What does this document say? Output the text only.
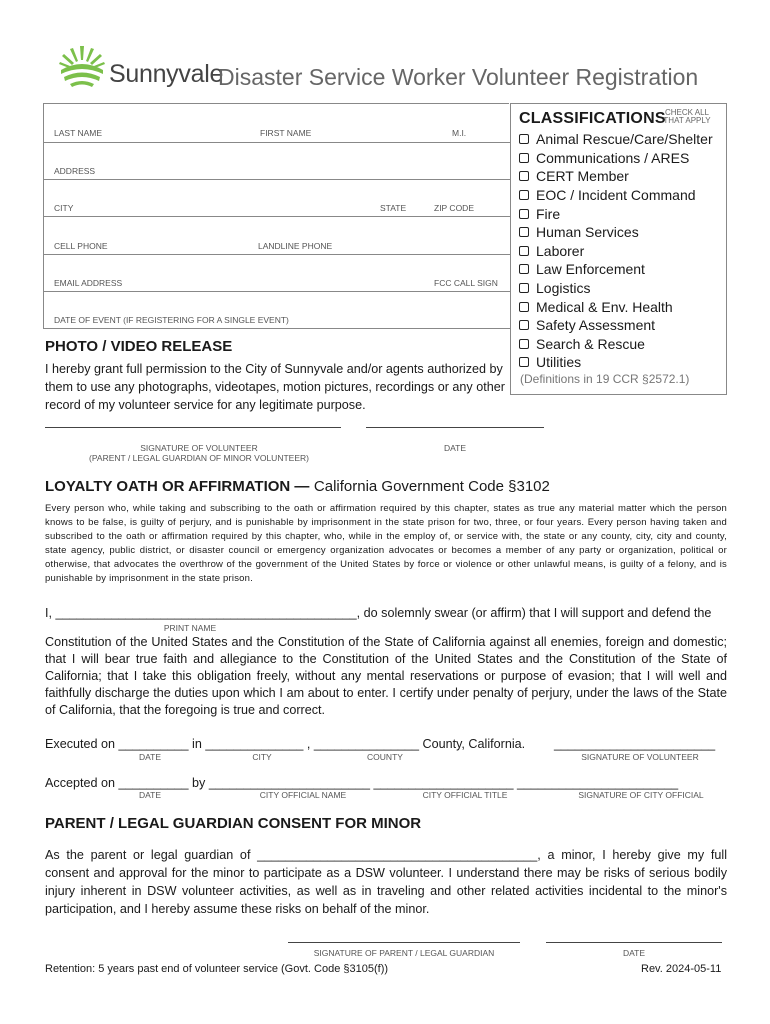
Sunnyvale
Disaster Service Worker Volunteer Registration
LAST NAME	FIRST NAME	M.I.
ADDRESS
CITY	STATE	ZIP CODE
CELL PHONE	LANDLINE PHONE
EMAIL ADDRESS	FCC CALL SIGN
DATE OF EVENT (IF REGISTERING FOR A SINGLE EVENT)
CLASSIFICATIONS CHECK ALL
THAT APPLY
Animal Rescue/Care/Shelter
Communications / ARES
CERT Member
EOC / Incident Command
Fire
Human Services
Laborer
Law Enforcement
Logistics
Medical & Env. Health
Safety Assessment
Search & Rescue
Utilities
(Definitions in 19 CCR §2572.1)
PHOTO / VIDEO RELEASE
I hereby grant full permission to the City of Sunnyvale and/or agents authorized by them to use any photographs, videotapes, motion pictures, recordings or any other record of my volunteer service for any legitimate purpose.
SIGNATURE OF VOLUNTEER
(PARENT / LEGAL GUARDIAN OF MINOR VOLUNTEER)
DATE
LOYALTY OATH OR AFFIRMATION — California Government Code §3102
Every person who, while taking and subscribing to the oath or affirmation required by this chapter, states as true any material matter which the person knows to be false, is guilty of perjury, and is punishable by imprisonment in the state prison for two, three, or four years. Every person having taken and subscribed to the oath or affirmation required by this chapter, who, while in the employ of, or service with, the state or any county, city, city and county, state agency, public district, or disaster council or emergency organization advocates or becomes a member of any party or organization, political or otherwise, that advocates the overthrow of the government of the United States by force or violence or other unlawful means, is guilty of a felony, and is punishable by imprisonment in the state prison.
I, ___________________________________________, do solemnly swear (or affirm) that I will support and defend the
PRINT NAME
Constitution of the United States and the Constitution of the State of California against all enemies, foreign and domestic; that I will bear true faith and allegiance to the Constitution of the United States and the Constitution of the State of California; that I take this obligation freely, without any mental reservations or purpose of evasion; that I will well and faithfully discharge the duties upon which I am about to enter. I certify under penalty of perjury, under the laws of the State of California, that the foregoing is true and correct.
Executed on __________ in ______________ , _______________ County, California. _______________________
DATE	CITY	COUNTY	SIGNATURE OF VOLUNTEER
Accepted on __________ by _______________________ ____________________ _______________________
DATE	CITY OFFICIAL NAME	CITY OFFICIAL TITLE	SIGNATURE OF CITY OFFICIAL
PARENT / LEGAL GUARDIAN CONSENT FOR MINOR
As the parent or legal guardian of ________________________________________, a minor, I hereby give my full consent and approval for the minor to participate as a DSW volunteer. I understand there may be risks of serious bodily injury inherent in DSW volunteer activities, as well as in traveling and other related activities incidental to the minor's participation, and I hereby assume these risks on behalf of the minor.
SIGNATURE OF PARENT / LEGAL GUARDIAN	DATE
Retention: 5 years past end of volunteer service (Govt. Code §3105(f))	Rev. 2024-05-11
